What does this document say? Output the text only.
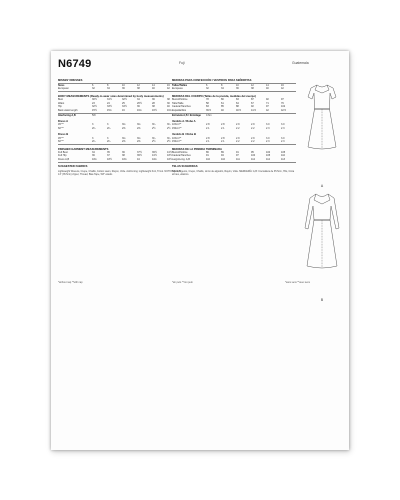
N6749	Fuji	Guatemala
MISSES' DRESSES
Sizes	6	8	10	12	14	16
European	32	34	36	38	40	42
BODY MEASUREMENTS (Ready-to-wear sizes determined by body measurements)
Bust	30½	31½	32½	34	36	38
Waist	23	24	25	26½	28	30
Hip	32½	33½	34½	36	38	40
Back waist length	15½	15¾	16	16¼	16½	16¾
Interfacing A,B	5/8
Dress A
45"**	3	3	3⅛	3⅛	3¼	3¼
60"**	2¼	2¼	2⅜	2⅜	2½	2½
Dress B
45"**	3	3	3⅛	3⅛	3¼	3¼
60"**	2¼	2¼	2⅜	2⅜	2½	2½
FINISHED GARMENT MEASUREMENTS
Full Bust	34	35	36	37½	39½	41½
Full Hip	36	37	38	39½	41½	43½
Dress A,B	43¼	43½	43¾	44	44¼	44½
SUGGESTED FABRICS
Lightweight Wovens, Crepe, Challis, Cotton Lawn, Rayon, Voile. Add Lining: Lightweight Knit, Tricot. NOTIONS: A,B: 14" (35.5cm) zipper, Thread, Bias Tape, 5/8" elastic.
MEDIDAS PARA CONFECCIÓN / VESTIDOS PARA SEÑORITAS
Tallas/Tailles	6	8	10	12	14	16
Europeas	32	34	36	38	40	42
MEDIDAS DEL CUERPO (Tallas de la prenda, medidas del cuerpo)
Busto/Poitrine	78	80	83	87	92	97
Talle/Taille	58	61	64	67	71	76
Cadera/Hanches	83	85	88	92	97	102
Espalda/Dos	39.5	40	40.5	41.5	42	42.5
Entretela A,B / Entoilage	0.6m
Vestido A / Robe A
115cm**	2.8	2.8	2.9	2.9	3.0	3.0
150cm**	2.1	2.1	2.2	2.2	2.3	2.3
Vestido B / Robe B
115cm**	2.8	2.8	2.9	2.9	3.0	3.0
150cm**	2.1	2.1	2.2	2.2	2.3	2.3
MEDIDAS DE LA PRENDA TERMINADA
Busto/Poitrine	86	89	91	95	100	105
Cadera/Hanches	91	94	97	100	105	110
Largo/Long. A,B	110	110	111	112	112	113
TELAS SUGERIDAS
Tejidos ligeros, Crepé, Challis, Linón de algodón, Rayón, Voile. MERCERÍA: A,B: Cremallera de 35.5cm, Hilo, Cinta al bies, elástico.
A
B
*without nap **with nap	*sin pelo **con pelo	*sans sens **avec sens
